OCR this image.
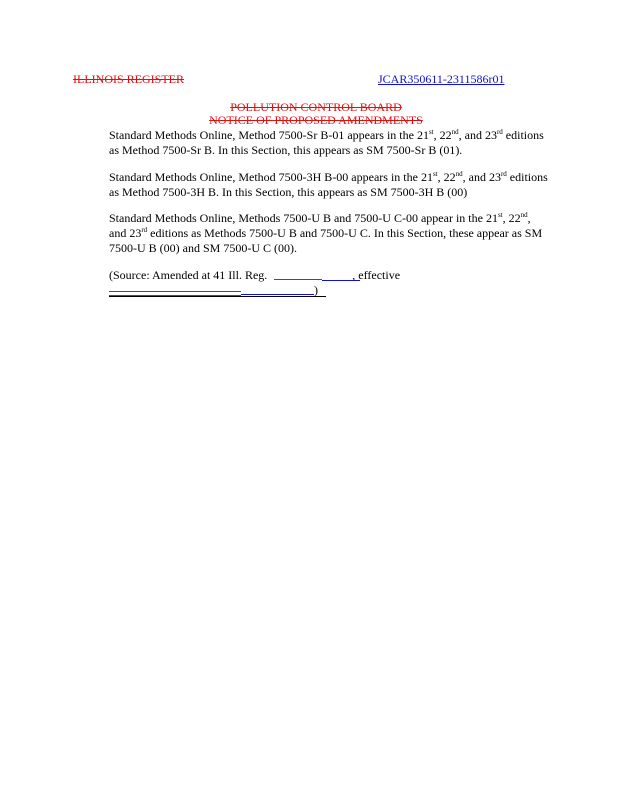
ILLINOIS REGISTER	JCAR350611-2311586r01
POLLUTION CONTROL BOARD
NOTICE OF PROPOSED AMENDMENTS
Standard Methods Online, Method 7500-Sr B-01 appears in the 21st, 22nd, and 23rd editions as Method 7500-Sr B. In this Section, this appears as SM 7500-Sr B (01).
Standard Methods Online, Method 7500-3H B-00 appears in the 21st, 22nd, and 23rd editions as Method 7500-3H B. In this Section, this appears as SM 7500-3H B (00)
Standard Methods Online, Methods 7500-U B and 7500-U C-00 appear in the 21st, 22nd, and 23rd editions as Methods 7500-U B and 7500-U C. In this Section, these appear as SM 7500-U B (00) and SM 7500-U C (00).
(Source: Amended at 41 Ill. Reg.	, effective
)
